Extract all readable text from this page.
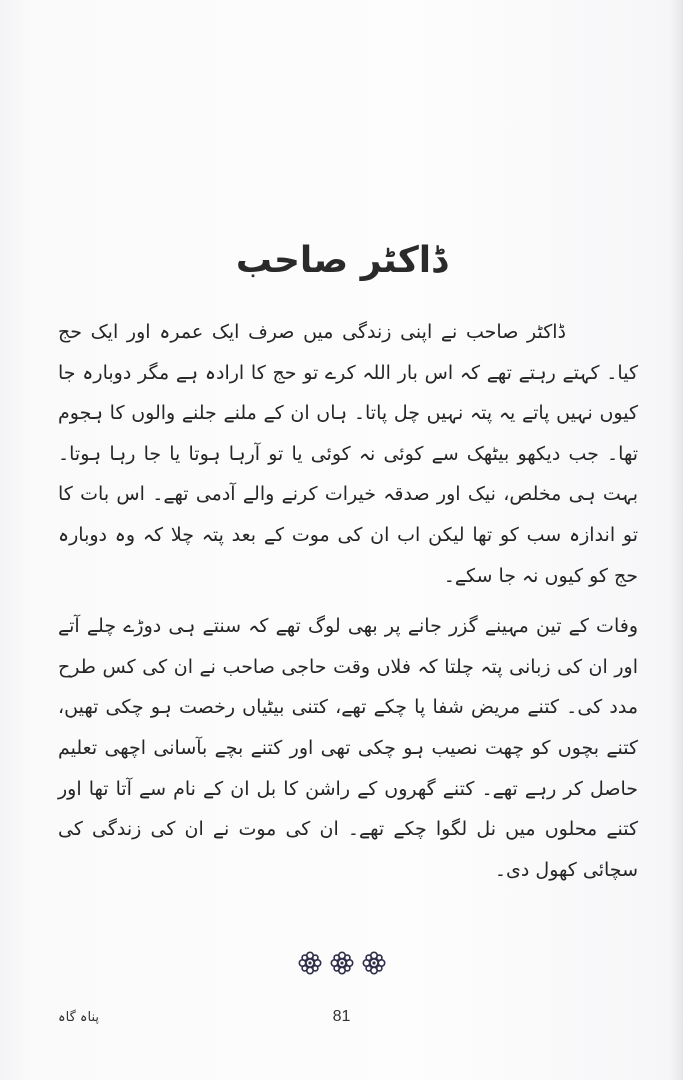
ڈاکٹر صاحب

ڈاکٹر صاحب نے اپنی زندگی میں صرف ایک عمرہ اور ایک حج کیا۔ کہتے رہتے تھے کہ اس بار اللہ کرے تو حج کا ارادہ ہے مگر دوبارہ جا کیوں نہیں پاتے یہ پتہ نہیں چل پاتا۔ ہاں ان کے ملنے جلنے والوں کا ہجوم تھا۔ جب دیکھو بیٹھک سے کوئی نہ کوئی یا تو آرہا ہوتا یا جا رہا ہوتا۔ بہت ہی مخلص، نیک اور صدقہ خیرات کرنے والے آدمی تھے۔ اس بات کا تو اندازہ سب کو تھا لیکن اب ان کی موت کے بعد پتہ چلا کہ وہ دوبارہ حج کو کیوں نہ جا سکے۔

وفات کے تین مہینے گزر جانے پر بھی لوگ تھے کہ سنتے ہی دوڑے چلے آتے اور ان کی زبانی پتہ چلتا کہ فلاں وقت حاجی صاحب نے ان کی کس طرح مدد کی۔ کتنے مریض شفا پا چکے تھے، کتنی بیٹیاں رخصت ہو چکی تھیں، کتنے بچوں کو چھت نصیب ہو چکی تھی اور کتنے بچے بآسانی اچھی تعلیم حاصل کر رہے تھے۔ کتنے گھروں کے راشن کا بل ان کے نام سے آتا تھا اور کتنے محلوں میں نل لگوا چکے تھے۔ ان کی موت نے ان کی زندگی کی سچائی کھول دی۔

81
پناہ گاہ
